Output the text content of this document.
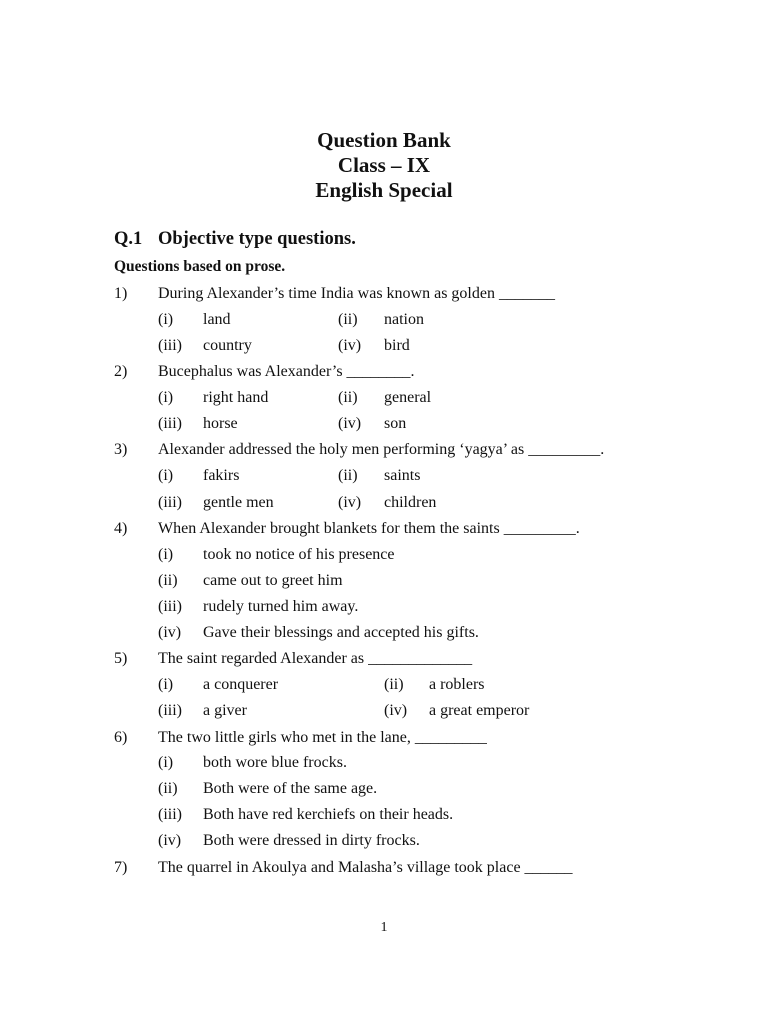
Question Bank
Class – IX
English Special
Q.1 Objective type questions.
Questions based on prose.
1) During Alexander’s time India was known as golden _______
(i) land	(ii) nation
(iii) country	(iv) bird
2) Bucephalus was Alexander’s ________.
(i) right hand	(ii) general
(iii) horse	(iv) son
3) Alexander addressed the holy men performing ‘yagya’ as _________.
(i) fakirs	(ii) saints
(iii) gentle men	(iv) children
4) When Alexander brought blankets for them the saints _________.
(i) took no notice of his presence
(ii) came out to greet him
(iii) rudely turned him away.
(iv) Gave their blessings and accepted his gifts.
5) The saint regarded Alexander as _____________
(i) a conquerer	(ii) a roblers
(iii) a giver	(iv) a great emperor
6) The two little girls who met in the lane, _________
(i) both wore blue frocks.
(ii) Both were of the same age.
(iii) Both have red kerchiefs on their heads.
(iv) Both were dressed in dirty frocks.
7) The quarrel in Akoulya and Malasha’s village took place ______
1
